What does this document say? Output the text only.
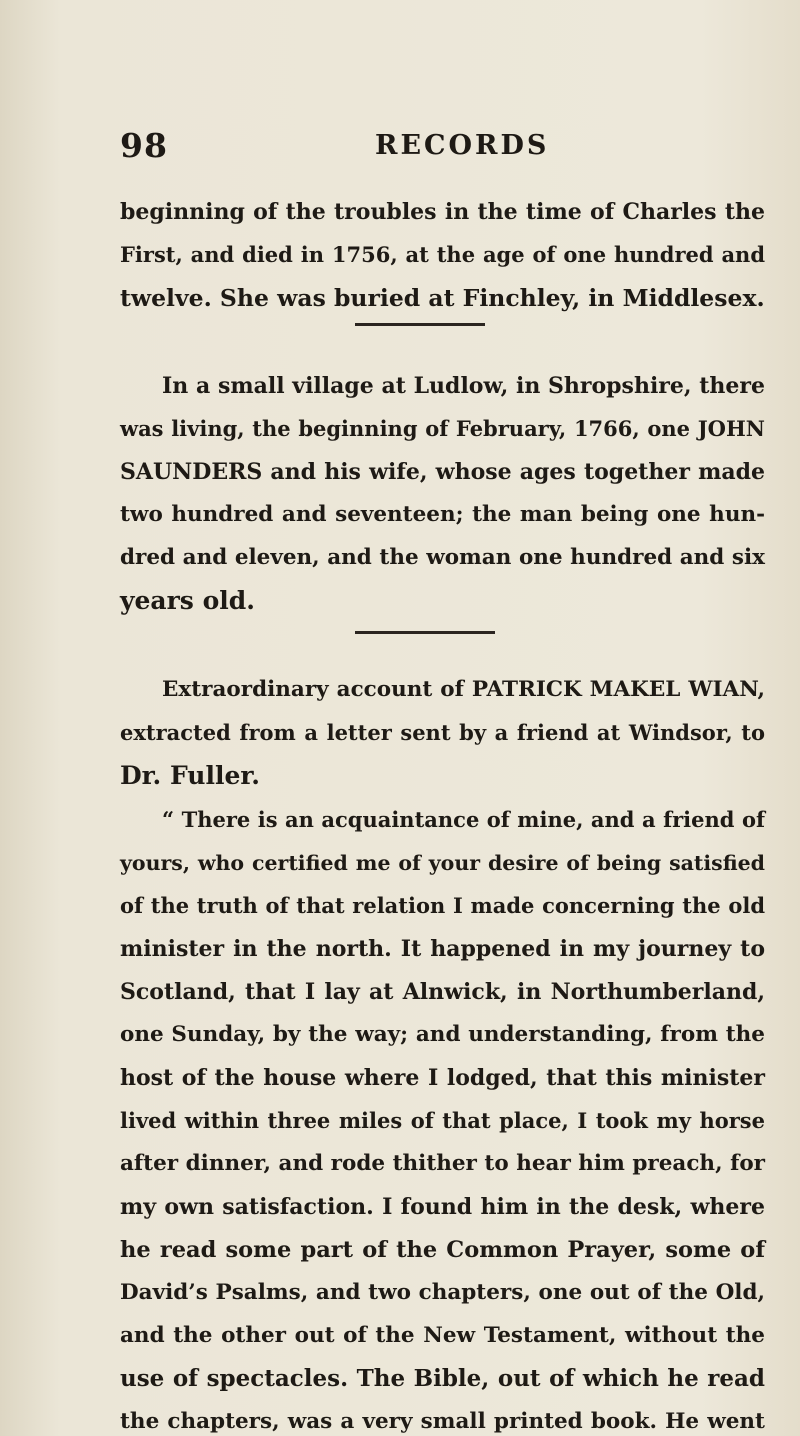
98	RECORDS
beginning of the troubles in the time of Charles the
First, and died in 1756, at the age of one hundred and
twelve. She was buried at Finchley, in Middlesex.
In a small village at Ludlow, in Shropshire, there
was living, the beginning of February, 1766, one JOHN
SAUNDERS and his wife, whose ages together made
two hundred and seventeen; the man being one hun-
dred and eleven, and the woman one hundred and six
years old.
Extraordinary account of PATRICK MAKEL WIAN,
extracted from a letter sent by a friend at Windsor, to
Dr. Fuller.
“ There is an acquaintance of mine, and a friend of
yours, who certified me of your desire of being satisfied
of the truth of that relation I made concerning the old
minister in the north. It happened in my journey to
Scotland, that I lay at Alnwick, in Northumberland,
one Sunday, by the way; and understanding, from the
host of the house where I lodged, that this minister
lived within three miles of that place, I took my horse
after dinner, and rode thither to hear him preach, for
my own satisfaction. I found him in the desk, where
he read some part of the Common Prayer, some of
David’s Psalms, and two chapters, one out of the Old,
and the other out of the New Testament, without the
use of spectacles. The Bible, out of which he read
the chapters, was a very small printed book. He went
